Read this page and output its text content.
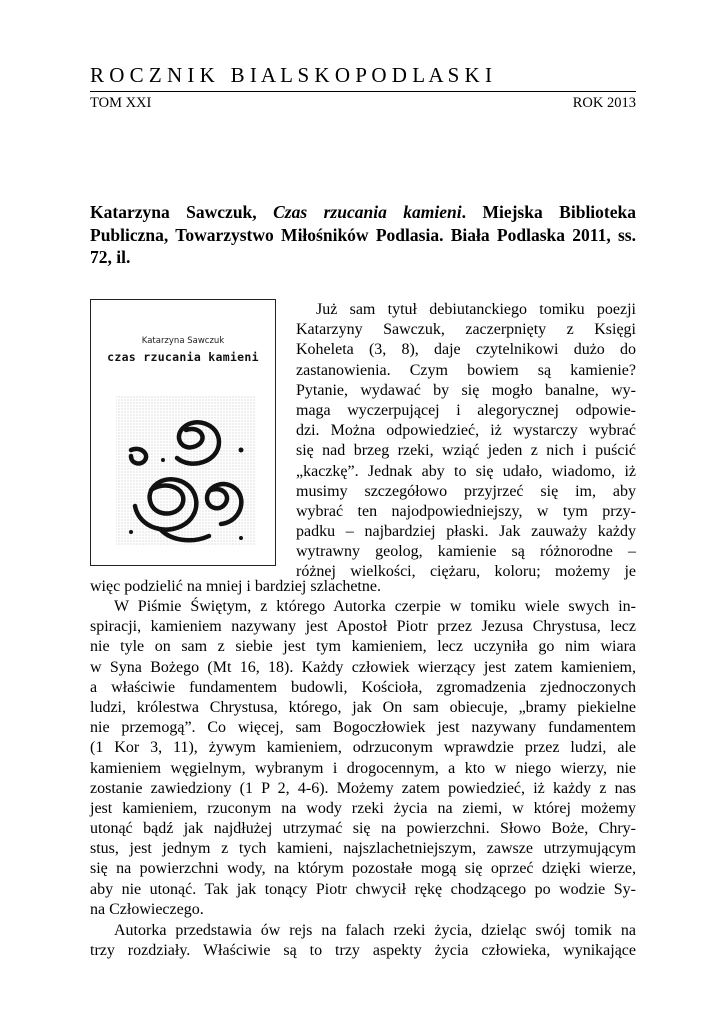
R O C Z N I K   B I A L S K O P O D L A S K I
TOM XXI	ROK 2013
Katarzyna Sawczuk, Czas rzucania kamieni. Miejska Biblioteka Publiczna, Towarzystwo Miłośników Podlasia. Biała Podlaska 2011, ss. 72, il.
Katarzyna Sawczuk
czas rzucania kamieni
Już sam tytuł debiutanckiego tomiku poezji
Katarzyny Sawczuk, zaczerpnięty z Księgi
Koheleta (3, 8), daje czytelnikowi dużo do
zastanowienia. Czym bowiem są kamienie?
Pytanie, wydawać by się mogło banalne, wy-
maga wyczerpującej i alegorycznej odpowie-
dzi. Można odpowiedzieć, iż wystarczy wybrać
się nad brzeg rzeki, wziąć jeden z nich i puścić
„kaczkę”. Jednak aby to się udało, wiadomo, iż
musimy szczegółowo przyjrzeć się im, aby
wybrać ten najodpowiedniejszy, w tym przy-
padku – najbardziej płaski. Jak zauważy każdy
wytrawny geolog, kamienie są różnorodne –
różnej wielkości, ciężaru, koloru; możemy je
więc podzielić na mniej i bardziej szlachetne.
W Piśmie Świętym, z którego Autorka czerpie w tomiku wiele swych in-
spiracji, kamieniem nazywany jest Apostoł Piotr przez Jezusa Chrystusa, lecz
nie tyle on sam z siebie jest tym kamieniem, lecz uczyniła go nim wiara
w Syna Bożego (Mt 16, 18). Każdy człowiek wierzący jest zatem kamieniem,
a właściwie fundamentem budowli, Kościoła, zgromadzenia zjednoczonych
ludzi, królestwa Chrystusa, którego, jak On sam obiecuje, „bramy piekielne
nie przemogą”. Co więcej, sam Bogoczłowiek jest nazywany fundamentem
(1 Kor 3, 11), żywym kamieniem, odrzuconym wprawdzie przez ludzi, ale
kamieniem węgielnym, wybranym i drogocennym, a kto w niego wierzy, nie
zostanie zawiedziony (1 P 2, 4-6). Możemy zatem powiedzieć, iż każdy z nas
jest kamieniem, rzuconym na wody rzeki życia na ziemi, w której możemy
utonąć bądź jak najdłużej utrzymać się na powierzchni. Słowo Boże, Chry-
stus, jest jednym z tych kamieni, najszlachetniejszym, zawsze utrzymującym
się na powierzchni wody, na którym pozostałe mogą się oprzeć dzięki wierze,
aby nie utonąć. Tak jak tonący Piotr chwycił rękę chodzącego po wodzie Sy-
na Człowieczego.
Autorka przedstawia ów rejs na falach rzeki życia, dzieląc swój tomik na
trzy rozdziały. Właściwie są to trzy aspekty życia człowieka, wynikające
